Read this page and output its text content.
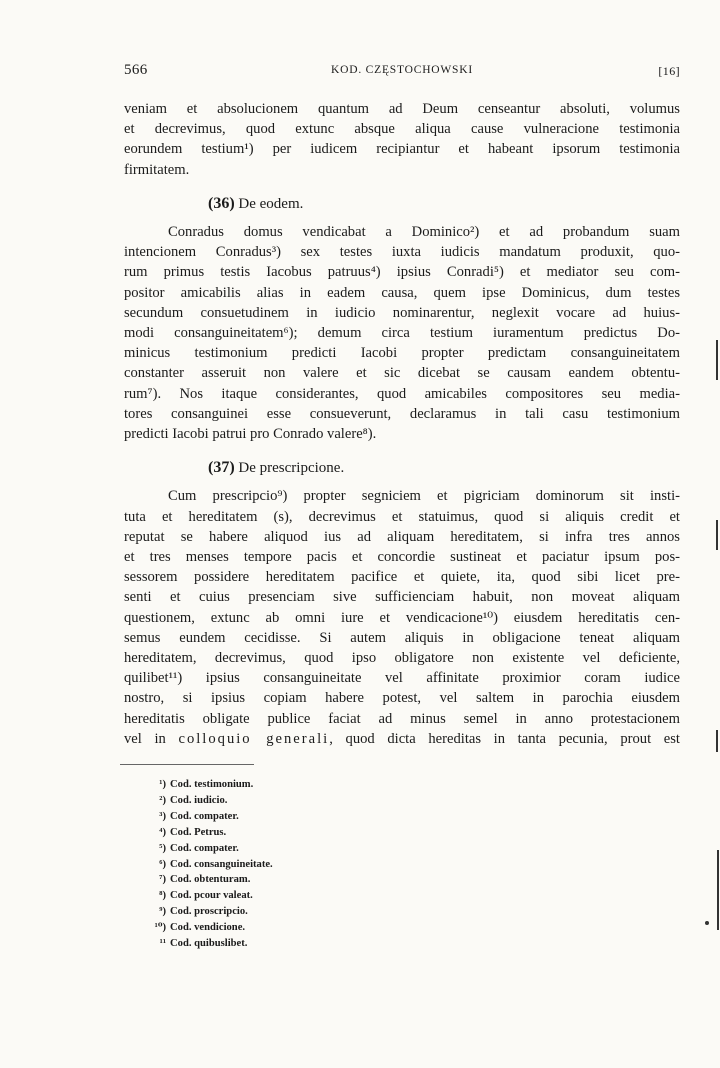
566	KOD. CZĘSTOCHOWSKI	[16]

veniam et absolucionem quantum ad Deum censeantur absoluti, volumus

et decrevimus, quod extunc absque aliqua cause vulneracione testimonia

eorundem testium¹) per iudicem recipiantur et habeant ipsorum testimonia

firmitatem.

(36) De eodem.

Conradus domus vendicabat a Dominico²) et ad probandum suam

intencionem Conradus³) sex testes iuxta iudicis mandatum produxit, quo-

rum primus testis Iacobus patruus⁴) ipsius Conradi⁵) et mediator seu com-

positor amicabilis alias in eadem causa, quem ipse Dominicus, dum testes

secundum consuetudinem in iudicio nominarentur, neglexit vocare ad huius-

modi consanguineitatem⁶); demum circa testium iuramentum predictus Do-

minicus testimonium predicti Iacobi propter predictam consanguineitatem

constanter asseruit non valere et sic dicebat se causam eandem obtentu-

rum⁷). Nos itaque considerantes, quod amicabiles compositores seu media-

tores consanguinei esse consueverunt, declaramus in tali casu testimonium

predicti Iacobi patrui pro Conrado valere⁸).

(37) De prescripcione.

Cum prescripcio⁹) propter segniciem et pigriciam dominorum sit insti-

tuta et hereditatem (s), decrevimus et statuimus, quod si aliquis credit et

reputat se habere aliquod ius ad aliquam hereditatem, si infra tres annos

et tres menses tempore pacis et concordie sustineat et paciatur ipsum pos-

sessorem possidere hereditatem pacifice et quiete, ita, quod sibi licet pre-

senti et cuius presenciam sive sufficienciam habuit, non moveat aliquam

questionem, extunc ab omni iure et vendicacione¹⁰) eiusdem hereditatis cen-

semus eundem cecidisse. Si autem aliquis in obligacione teneat aliquam

hereditatem, decrevimus, quod ipso obligatore non existente vel deficiente,

quilibet¹¹) ipsius consanguineitate vel affinitate proximior coram iudice

nostro, si ipsius copiam habere potest, vel saltem in parochia eiusdem

hereditatis obligate publice faciat ad minus semel in anno protestacionem

vel in colloquio generali, quod dicta hereditas in tanta pecunia, prout est

¹) Cod. testimonium.
²) Cod. iudicio.
³) Cod. compater.
⁴) Cod. Petrus.
⁵) Cod. compater.
⁶) Cod. consanguineitate.
⁷) Cod. obtenturam.
⁸) Cod. pcour valeat.
⁹) Cod. proscripcio.
¹⁰) Cod. vendicione.
¹¹ Cod. quibuslibet.
